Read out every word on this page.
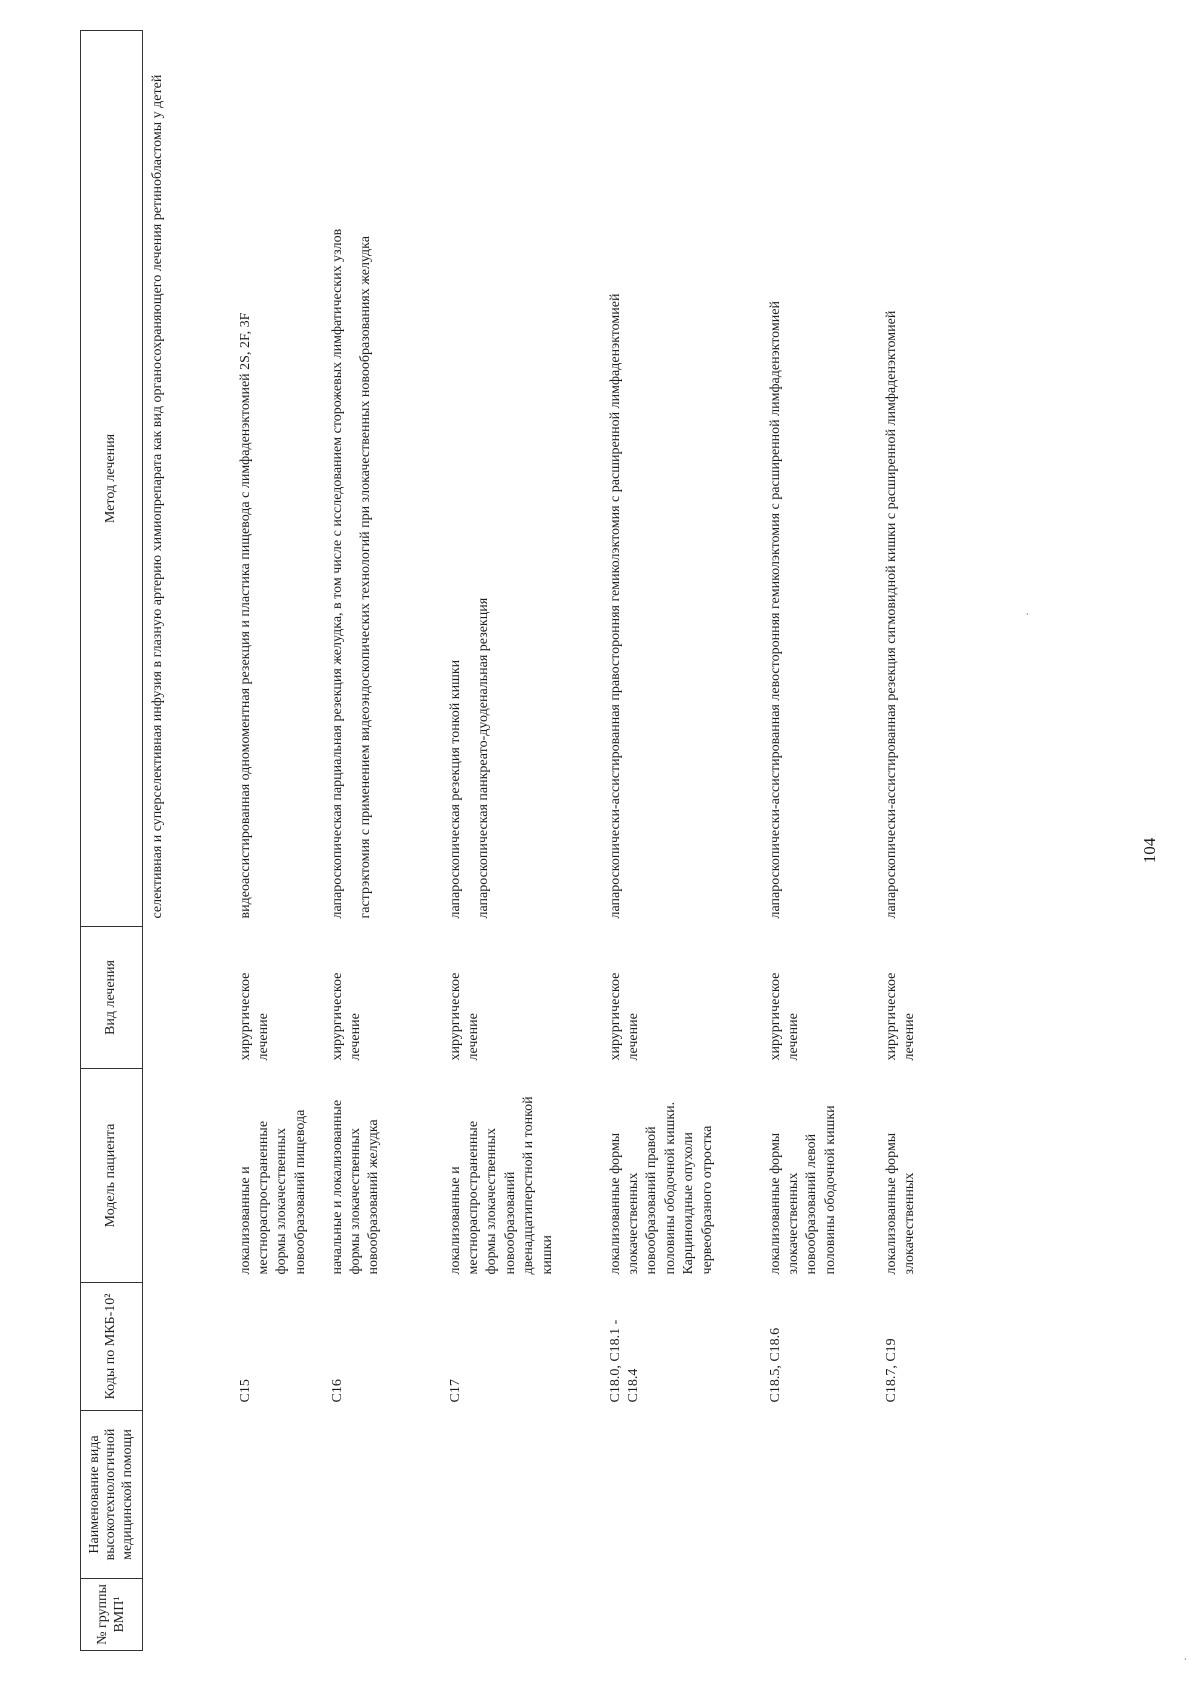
·
·
№ группы ВМП¹	Наименование вида высокотехнологичной медицинской помощи	Коды по МКБ-10²	Модель пациента	Вид лечения	Метод лечения

					селективная и суперселективная инфузия в глазную артерию химиопрепарата как вид органосохраняющего лечения ретинобластомы у детей

		C15	локализованные и местнораспространенные формы злокачественных новообразований пищевода	хирургическое лечение	видеоассистированная одномоментная резекция и пластика пищевода с лимфаденэктомией 2S, 2F, 3F

		C16	начальные и локализованные формы злокачественных новообразований желудка	хирургическое лечение	лапароскопическая парциальная резекция желудка, в том числе с исследованием сторожевых лимфатических узлов гастрэктомия с применением видеоэндоскопических технологий при злокачественных новообразованиях желудка

		C17	локализованные и местнораспространенные формы злокачественных новообразований двенадцатиперстной и тонкой кишки	хирургическое лечение	лапароскопическая резекция тонкой кишки лапароскопическая панкреато-дуоденальная резекция

		C18.0, C18.1 - C18.4	локализованные формы злокачественных новообразований правой половины ободочной кишки. Карциноидные опухоли червеобразного отростка	хирургическое лечение	лапароскопически-ассистированная правосторонняя гемиколэктомия с расширенной лимфаденэктомией

		C18.5, C18.6	локализованные формы злокачественных новообразований левой половины ободочной кишки	хирургическое лечение	лапароскопически-ассистированная левосторонняя гемиколэктомия с расширенной лимфаденэктомией

		C18.7, C19	локализованные формы злокачественных	хирургическое лечение	лапароскопически-ассистированная резекция сигмовидной кишки с расширенной лимфаденэктомией	104
